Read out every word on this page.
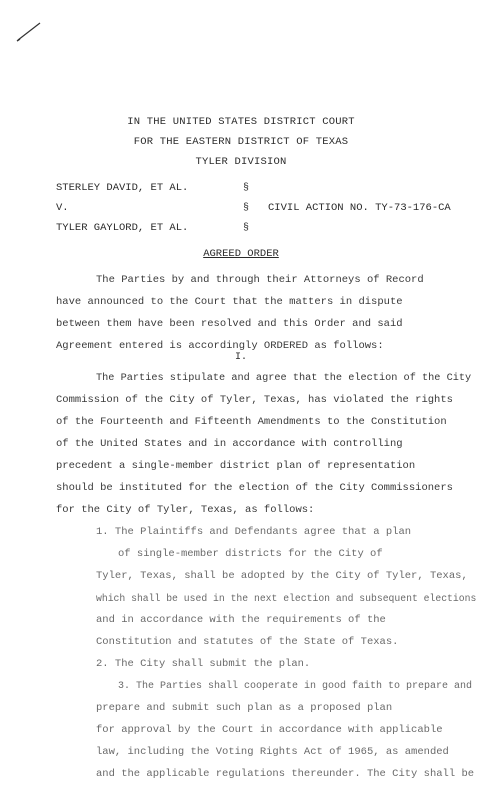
IN THE UNITED STATES DISTRICT COURT
FOR THE EASTERN DISTRICT OF TEXAS
TYLER DIVISION
STERLEY DAVID, ET AL.
V.
TYLER GAYLORD, ET AL.
§
§
§
CIVIL ACTION NO. TY-73-176-CA
AGREED ORDER
The Parties by and through their Attorneys of Record
have announced to the Court that the matters in dispute
between them have been resolved and this Order and said
Agreement entered is accordingly ORDERED as follows:
I.
The Parties stipulate and agree that the election of the City
Commission of the City of Tyler, Texas, has violated the rights
of the Fourteenth and Fifteenth Amendments to the Constitution
of the United States and in accordance with controlling
precedent a single-member district plan of representation
should be instituted for the election of the City Commissioners
for the City of Tyler, Texas, as follows:
1. The Plaintiffs and Defendants agree that a plan
of single-member districts for the City of
Tyler, Texas, shall be adopted by the City of Tyler, Texas,
which shall be used in the next election and subsequent elections
and in accordance with the requirements of the
Constitution and statutes of the State of Texas.
2. The City shall submit the plan.
3. The Parties shall cooperate in good faith to prepare and
prepare and submit such plan as a proposed plan
for approval by the Court in accordance with applicable
law, including the Voting Rights Act of 1965, as amended
and the applicable regulations thereunder. The City shall be
